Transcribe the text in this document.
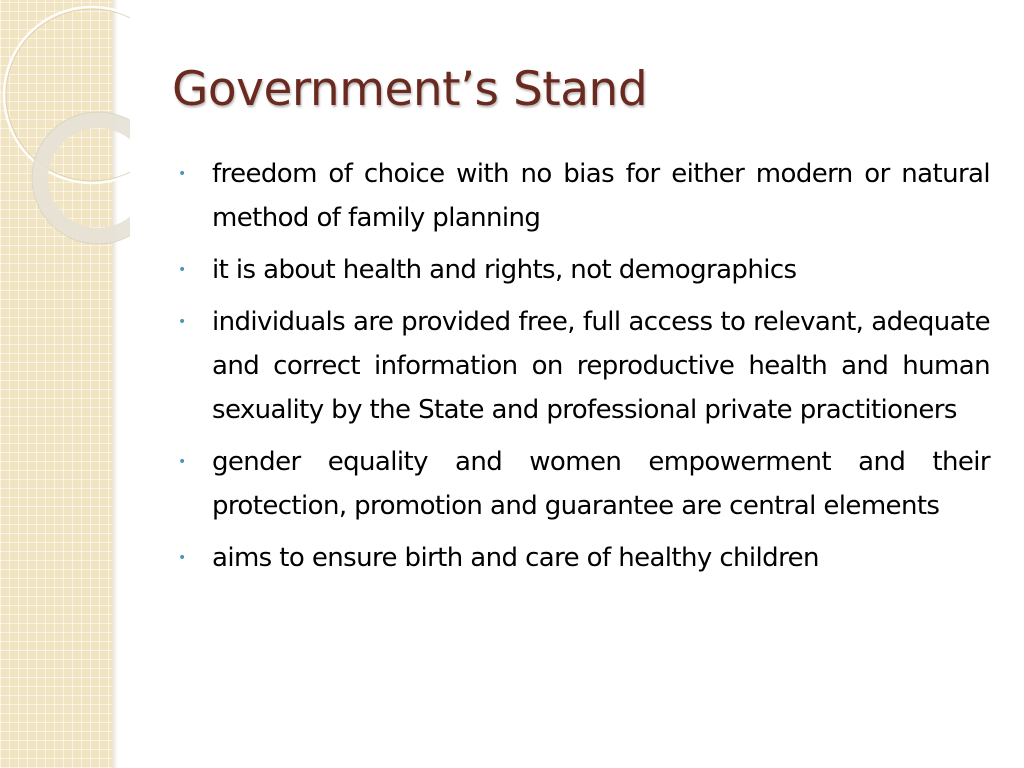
Government’s Stand
• freedom of choice with no bias for either modern or natural method of family planning
• it is about health and rights, not demographics
• individuals are provided free, full access to relevant, adequate and correct information on reproductive health and human sexuality by the State and professional private practitioners
• gender equality and women empowerment and their protection, promotion and guarantee are central elements
• aims to ensure birth and care of healthy children
